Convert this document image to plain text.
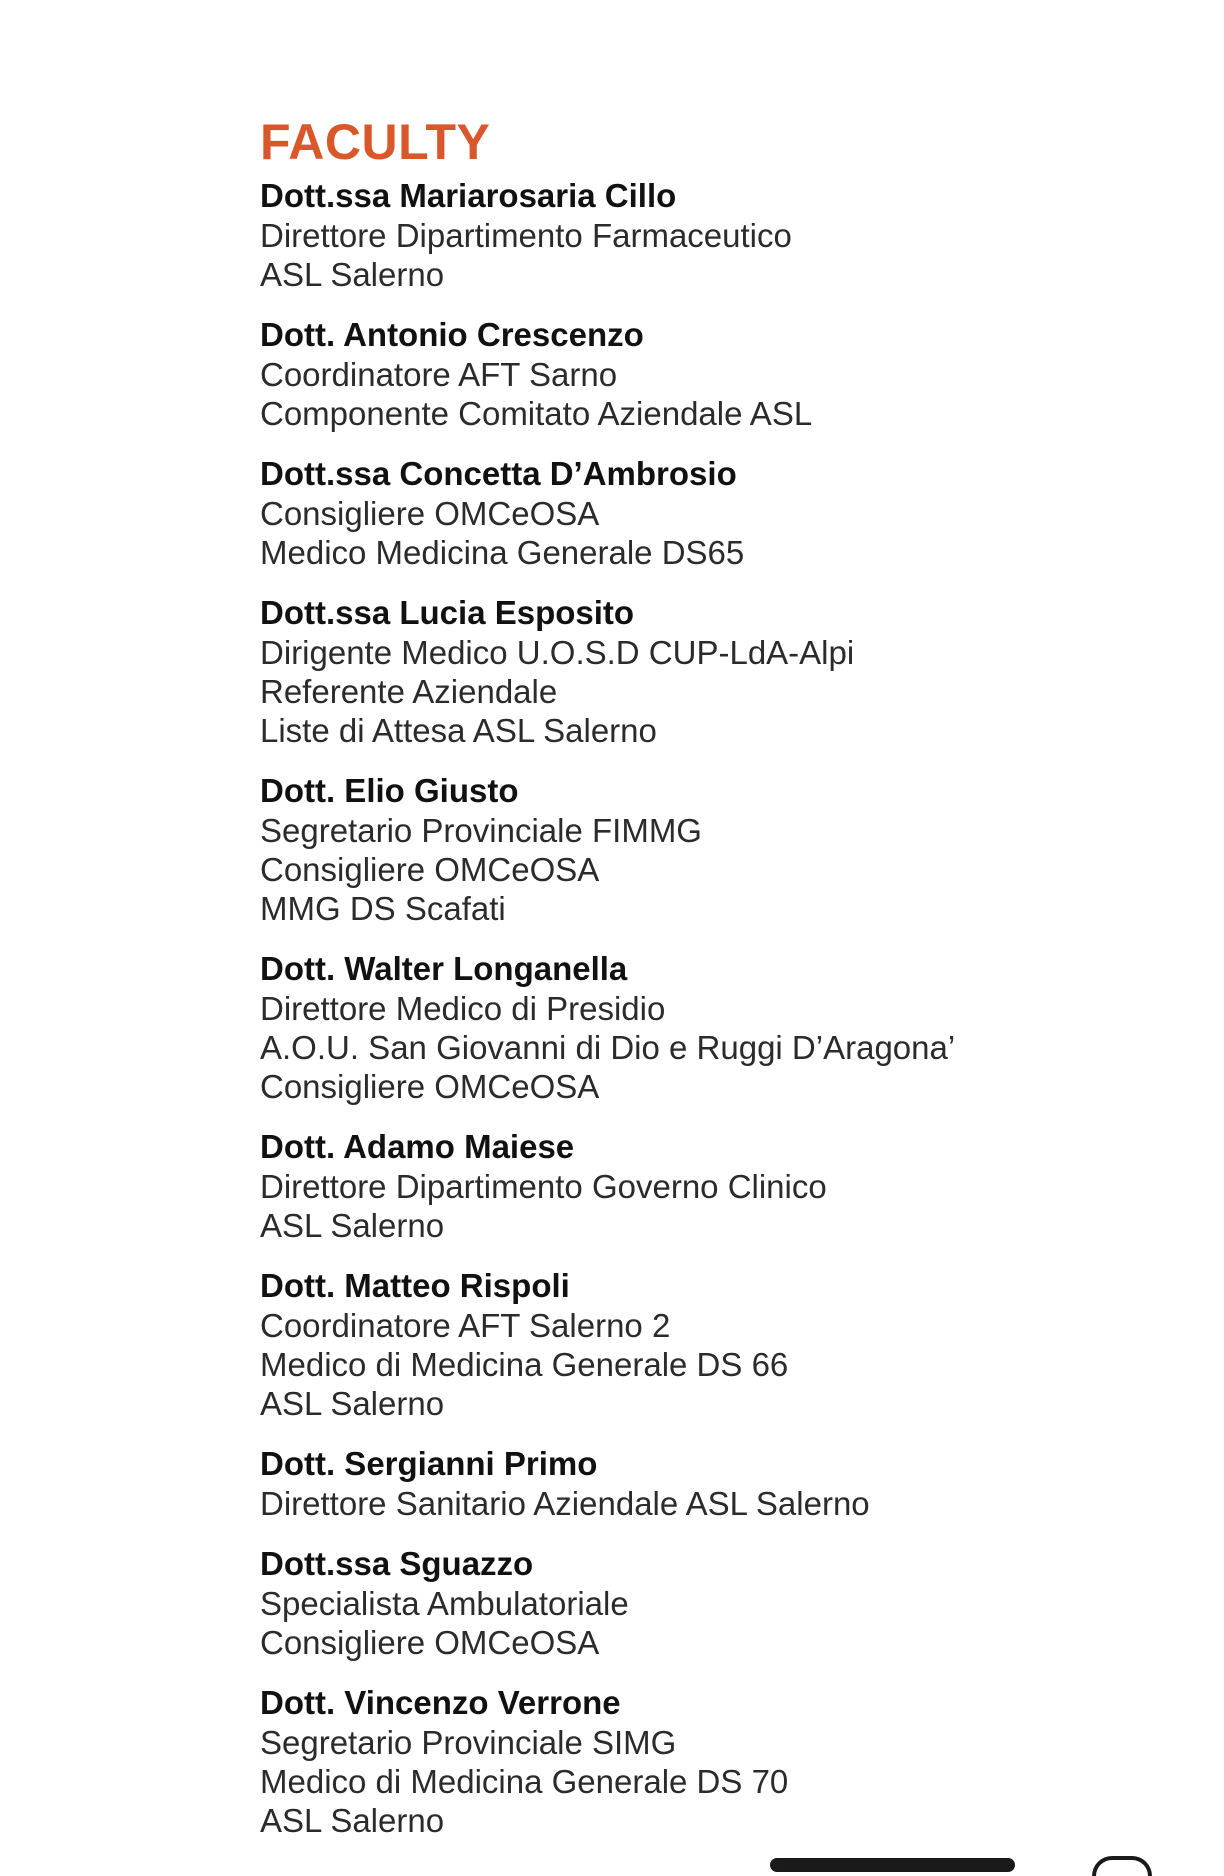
FACULTY
Dott.ssa Mariarosaria Cillo
Direttore Dipartimento Farmaceutico
ASL Salerno
Dott. Antonio Crescenzo
Coordinatore AFT Sarno
Componente Comitato Aziendale ASL
Dott.ssa Concetta D’Ambrosio
Consigliere OMCeOSA
Medico Medicina Generale DS65
Dott.ssa Lucia Esposito
Dirigente Medico U.O.S.D CUP-LdA-Alpi
Referente Aziendale
Liste di Attesa ASL Salerno
Dott. Elio Giusto
Segretario Provinciale FIMMG
Consigliere OMCeOSA
MMG DS Scafati
Dott. Walter Longanella
Direttore Medico di Presidio
A.O.U. San Giovanni di Dio e Ruggi D’Aragona’
Consigliere OMCeOSA
Dott. Adamo Maiese
Direttore Dipartimento Governo Clinico
ASL Salerno
Dott. Matteo Rispoli
Coordinatore AFT Salerno 2
Medico di Medicina Generale DS 66
ASL Salerno
Dott. Sergianni Primo
Direttore Sanitario Aziendale ASL Salerno
Dott.ssa Sguazzo
Specialista Ambulatoriale
Consigliere OMCeOSA
Dott. Vincenzo Verrone
Segretario Provinciale SIMG
Medico di Medicina Generale DS 70
ASL Salerno
